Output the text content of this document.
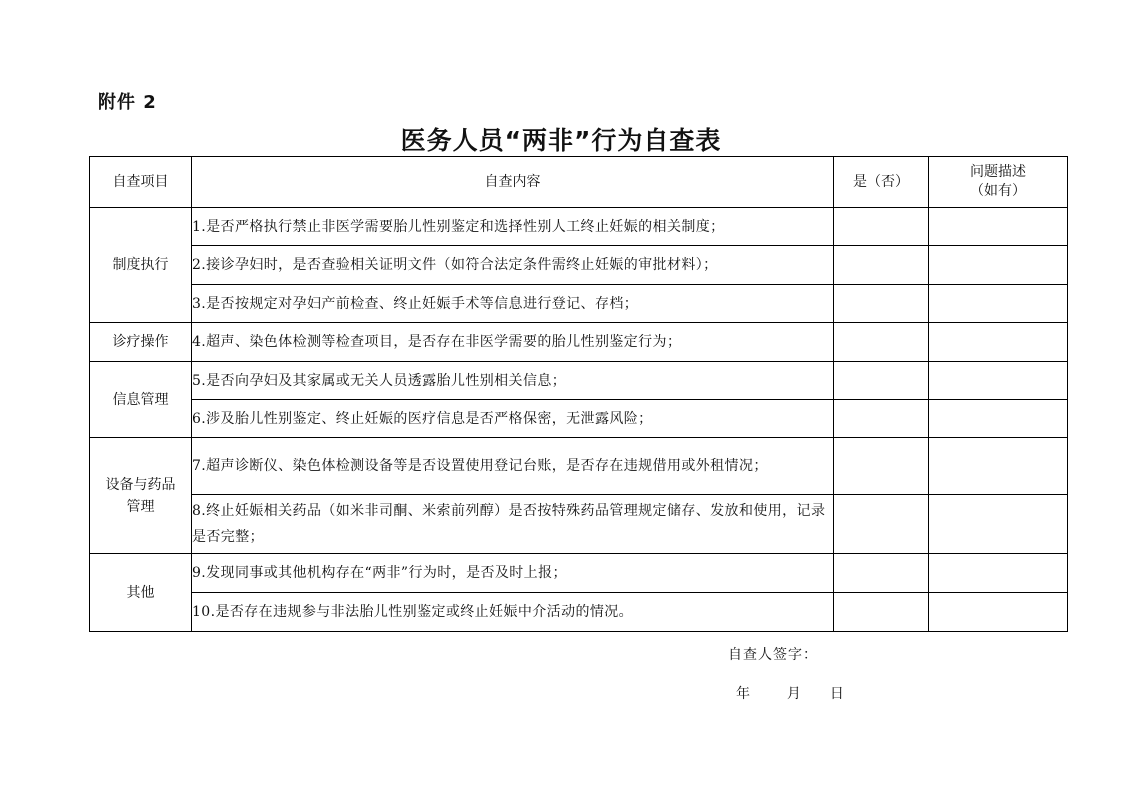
附件 2
医务人员“两非”行为自查表
自查项目	自查内容	是（否）	问题描述
（如有）

制度执行	1.是否严格执行禁止非医学需要胎儿性别鉴定和选择性别人工终止妊娠的相关制度；		
	2.接诊孕妇时，是否查验相关证明文件（如符合法定条件需终止妊娠的审批材料）；		
	3.是否按规定对孕妇产前检查、终止妊娠手术等信息进行登记、存档；		
诊疗操作	4.超声、染色体检测等检查项目，是否存在非医学需要的胎儿性别鉴定行为；		
信息管理	5.是否向孕妇及其家属或无关人员透露胎儿性别相关信息；		
	6.涉及胎儿性别鉴定、终止妊娠的医疗信息是否严格保密，无泄露风险；		

设备与药品
管理	7.超声诊断仪、染色体检测设备等是否设置使用登记台账，是否存在违规借用或外租情况；		
	8.终止妊娠相关药品（如米非司酮、米索前列醇）是否按特殊药品管理规定储存、发放和使用，记录是否完整；		
其他	9.发现同事或其他机构存在“两非”行为时，是否及时上报；		
	10.是否存在违规参与非法胎儿性别鉴定或终止妊娠中介活动的情况。		
自查人签字：
年	月 日
